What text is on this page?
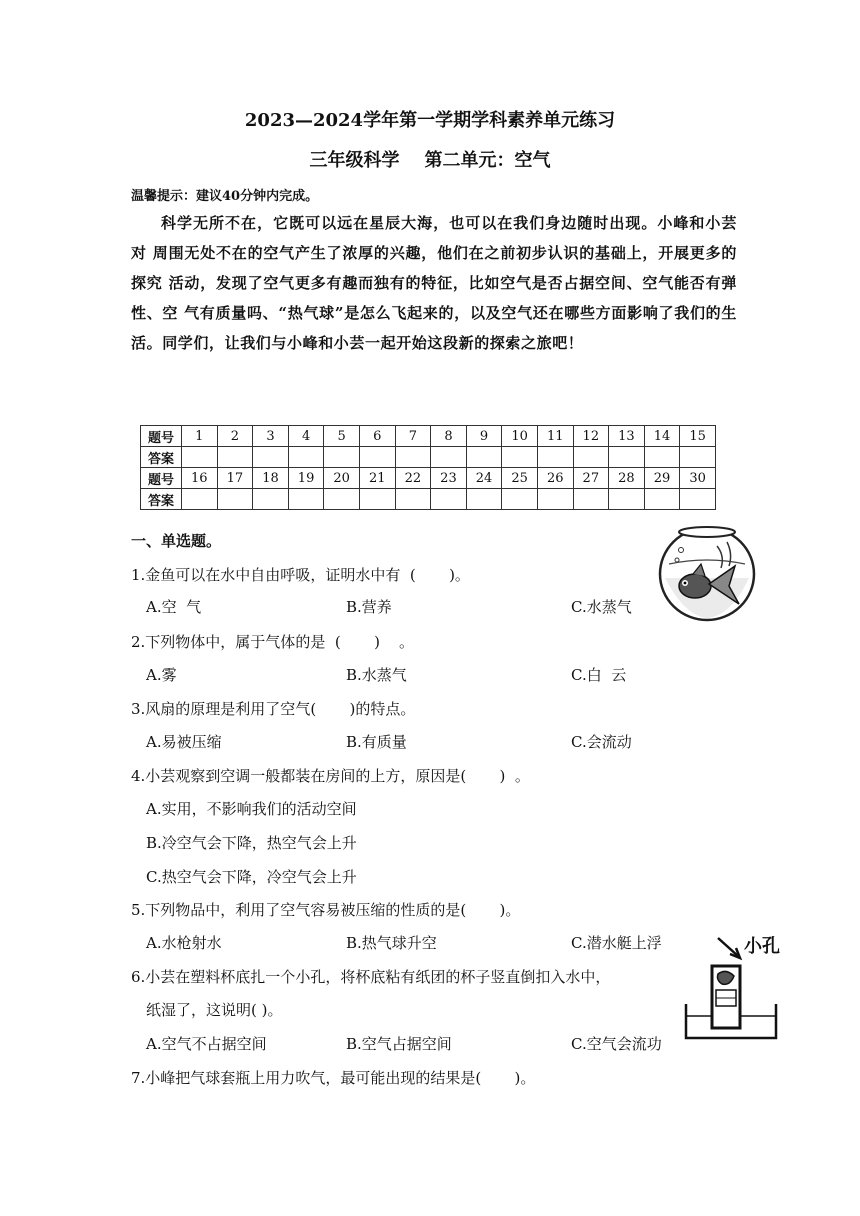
2023—2024学年第一学期学科素养单元练习
三年级科学    第二单元：空气
温馨提示：建议40分钟内完成。
科学无所不在，它既可以远在星辰大海，也可以在我们身边随时出现。小峰和小芸对 周围无处不在的空气产生了浓厚的兴趣，他们在之前初步认识的基础上，开展更多的探究 活动，发现了空气更多有趣而独有的特征，比如空气是否占据空间、空气能否有弹性、空 气有质量吗、“热气球”是怎么飞起来的，以及空气还在哪些方面影响了我们的生活。同学们，让我们与小峰和小芸一起开始这段新的探索之旅吧！
题号	1	2	3	4	5	6	7	8	9	10	11	12	13	14	15
答案															
题号	16	17	18	19	20	21	22	23	24	25	26	27	28	29	30
答案															
一、单选题。
1.金鱼可以在水中自由呼吸，证明水中有  (       )。
A.空  气	B.营养	C.水蒸气
2.下列物体中，属于气体的是  (       )    。
A.雾	B.水蒸气	C.白  云
3.风扇的原理是利用了空气(       )的特点。
A.易被压缩	B.有质量	C.会流动
4.小芸观察到空调一般都装在房间的上方，原因是(       )  。
A.实用，不影响我们的活动空间
B.冷空气会下降，热空气会上升
C.热空气会下降，冷空气会上升
5.下列物品中，利用了空气容易被压缩的性质的是(       )。
A.水枪射水	B.热气球升空	C.潜水艇上浮
6.小芸在塑料杯底扎一个小孔，将杯底粘有纸团的杯子竖直倒扣入水中，
纸湿了，这说明( )。
A.空气不占据空间	B.空气占据空间	C.空气会流功
7.小峰把气球套瓶上用力吹气，最可能出现的结果是(       )。
小孔
